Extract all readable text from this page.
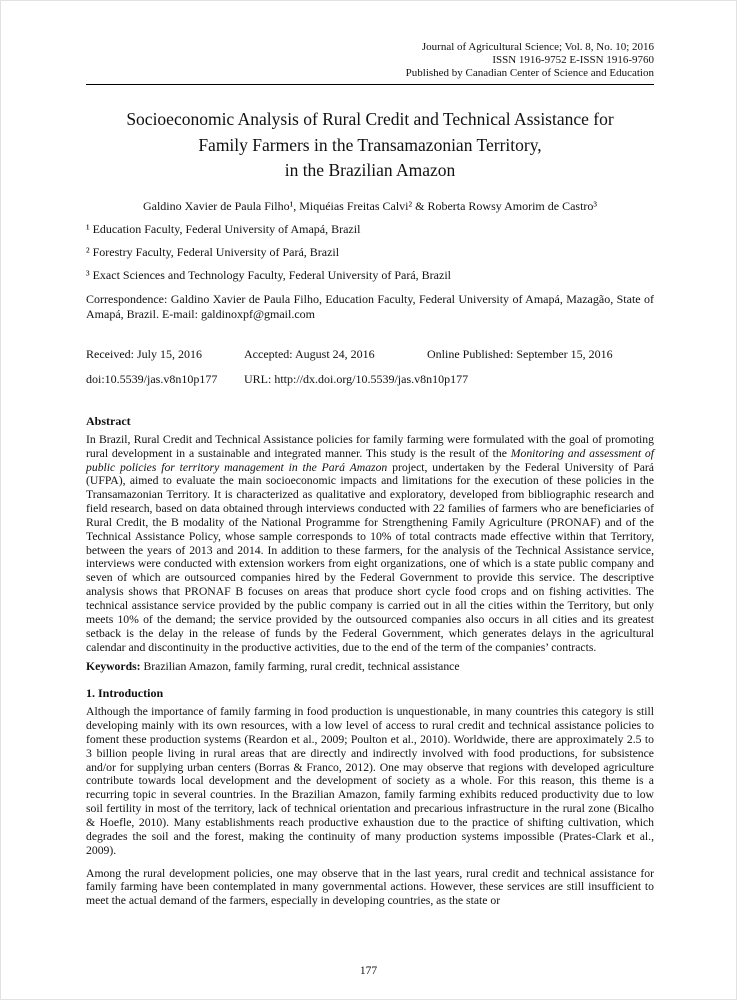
Journal of Agricultural Science; Vol. 8, No. 10; 2016
ISSN 1916-9752 E-ISSN 1916-9760
Published by Canadian Center of Science and Education
Socioeconomic Analysis of Rural Credit and Technical Assistance for
Family Farmers in the Transamazonian Territory,
in the Brazilian Amazon
Galdino Xavier de Paula Filho¹, Miquéias Freitas Calvi² & Roberta Rowsy Amorim de Castro³
¹ Education Faculty, Federal University of Amapá, Brazil
² Forestry Faculty, Federal University of Pará, Brazil
³ Exact Sciences and Technology Faculty, Federal University of Pará, Brazil

Correspondence: Galdino Xavier de Paula Filho, Education Faculty, Federal University of Amapá, Mazagão, State of Amapá, Brazil. E-mail: galdinoxpf@gmail.com

Received: July 15, 2016	Accepted: August 24, 2016	Online Published: September 15, 2016
doi:10.5539/jas.v8n10p177 URL: http://dx.doi.org/10.5539/jas.v8n10p177
Abstract

In Brazil, Rural Credit and Technical Assistance policies for family farming were formulated with the goal of promoting rural development in a sustainable and integrated manner. This study is the result of the Monitoring and assessment of public policies for territory management in the Pará Amazon project, undertaken by the Federal University of Pará (UFPA), aimed to evaluate the main socioeconomic impacts and limitations for the execution of these policies in the Transamazonian Territory. It is characterized as qualitative and exploratory, developed from bibliographic research and field research, based on data obtained through interviews conducted with 22 families of farmers who are beneficiaries of Rural Credit, the B modality of the National Programme for Strengthening Family Agriculture (PRONAF) and of the Technical Assistance Policy, whose sample corresponds to 10% of total contracts made effective within that Territory, between the years of 2013 and 2014. In addition to these farmers, for the analysis of the Technical Assistance service, interviews were conducted with extension workers from eight organizations, one of which is a state public company and seven of which are outsourced companies hired by the Federal Government to provide this service. The descriptive analysis shows that PRONAF B focuses on areas that produce short cycle food crops and on fishing activities. The technical assistance service provided by the public company is carried out in all the cities within the Territory, but only meets 10% of the demand; the service provided by the outsourced companies also occurs in all cities and its greatest setback is the delay in the release of funds by the Federal Government, which generates delays in the agricultural calendar and discontinuity in the productive activities, due to the end of the term of the companies’ contracts.

Keywords: Brazilian Amazon, family farming, rural credit, technical assistance

1. Introduction

Although the importance of family farming in food production is unquestionable, in many countries this category is still developing mainly with its own resources, with a low level of access to rural credit and technical assistance policies to foment these production systems (Reardon et al., 2009; Poulton et al., 2010). Worldwide, there are approximately 2.5 to 3 billion people living in rural areas that are directly and indirectly involved with food productions, for subsistence and/or for supplying urban centers (Borras & Franco, 2012). One may observe that regions with developed agriculture contribute towards local development and the development of society as a whole. For this reason, this theme is a recurring topic in several countries. In the Brazilian Amazon, family farming exhibits reduced productivity due to low soil fertility in most of the territory, lack of technical orientation and precarious infrastructure in the rural zone (Bicalho & Hoefle, 2010). Many establishments reach productive exhaustion due to the practice of shifting cultivation, which degrades the soil and the forest, making the continuity of many production systems impossible (Prates-Clark et al., 2009).

Among the rural development policies, one may observe that in the last years, rural credit and technical assistance for family farming have been contemplated in many governmental actions. However, these services are still insufficient to meet the actual demand of the farmers, especially in developing countries, as the state or

177
